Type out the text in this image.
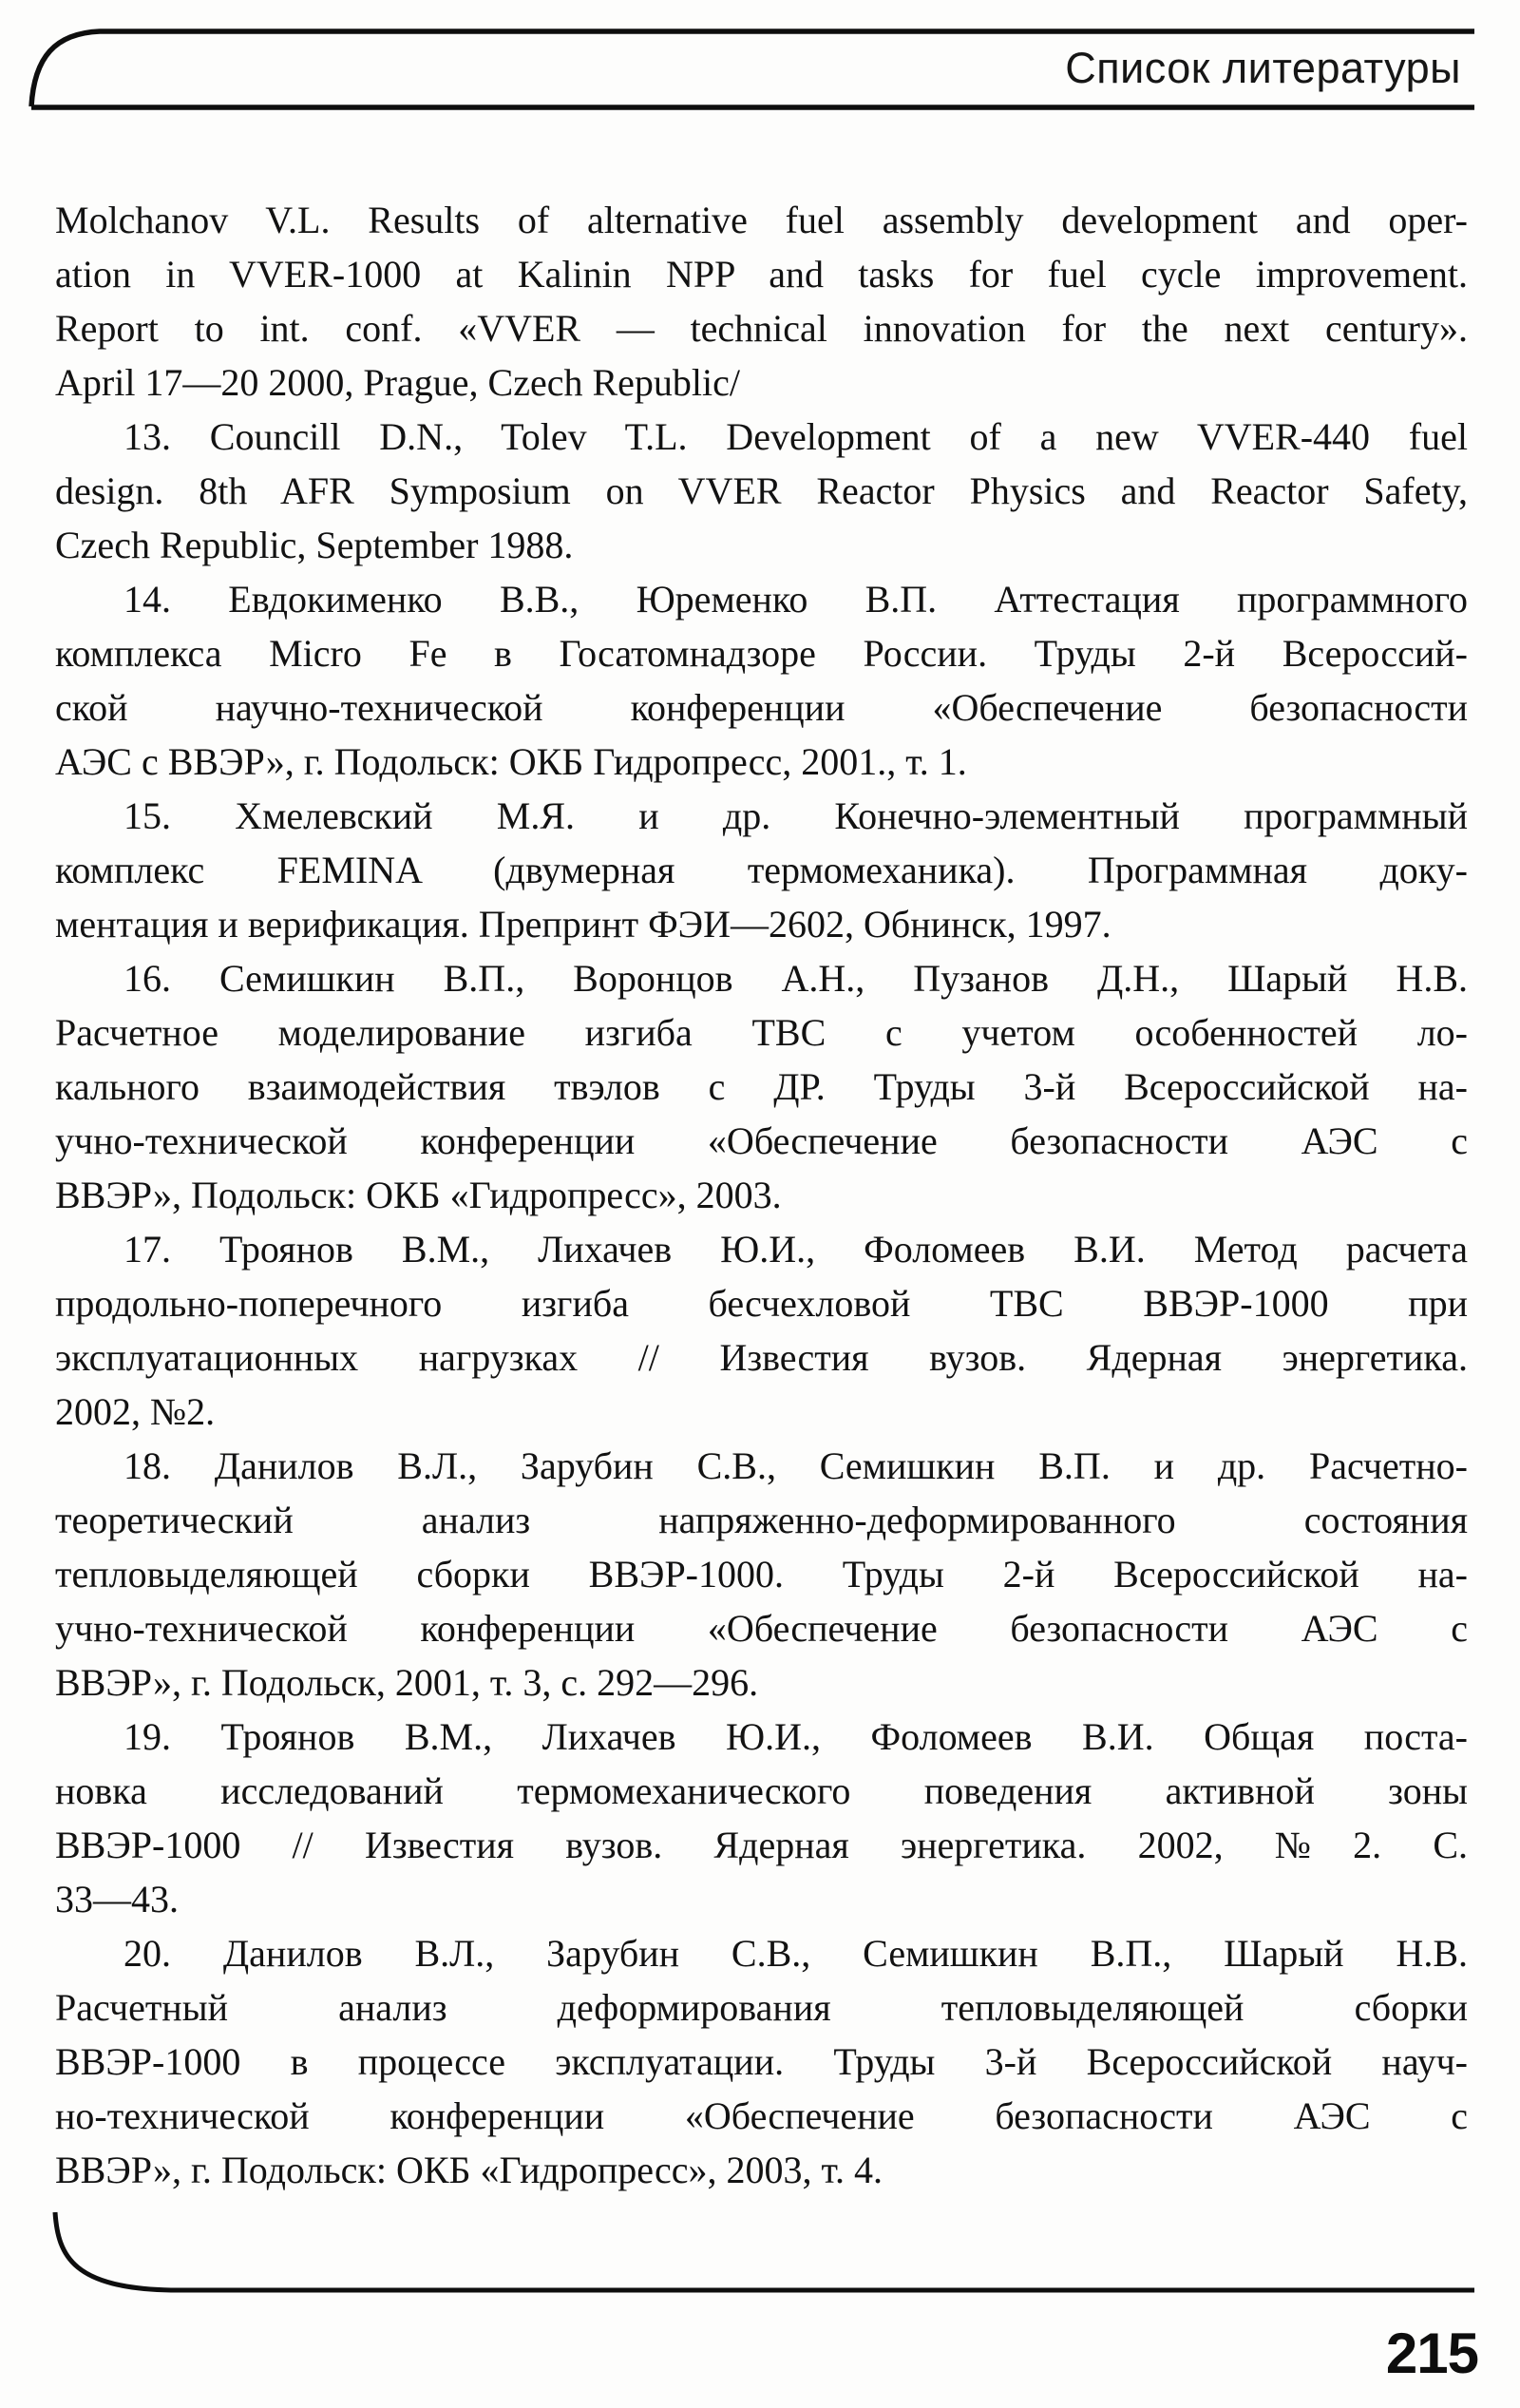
Список литературы
Molchanov V.L. Results of alternative fuel assembly development and oper-
ation in VVER-1000 at Kalinin NPP and tasks for fuel cycle improvement.
Report to int. conf. «VVER — technical innovation for the next century».
April 17—20 2000, Prague, Czech Republic/
13. Councill D.N., Tolev T.L. Development of a new VVER-440 fuel
design. 8th AFR Symposium on VVER Reactor Physics and Reactor Safety,
Czech Republic, September 1988.
14. Евдокименко В.В., Юременко В.П. Аттестация программного
комплекса Micro Fe в Госатомнадзоре России. Труды 2-й Всероссий-
ской научно-технической конференции «Обеспечение безопасности
АЭС с ВВЭР», г. Подольск: ОКБ Гидропресс, 2001., т. 1.
15. Хмелевский М.Я. и др. Конечно-элементный программный
комплекс FEMINA (двумерная термомеханика). Программная доку-
ментация и верификация. Препринт ФЭИ—2602, Обнинск, 1997.
16. Семишкин В.П., Воронцов А.Н., Пузанов Д.Н., Шарый Н.В.
Расчетное моделирование изгиба ТВС с учетом особенностей ло-
кального взаимодействия твэлов с ДР. Труды 3-й Всероссийской на-
учно-технической конференции «Обеспечение безопасности АЭС с
ВВЭР», Подольск: ОКБ «Гидропресс», 2003.
17. Троянов В.М., Лихачев Ю.И., Фоломеев В.И. Метод расчета
продольно-поперечного изгиба бесчехловой ТВС ВВЭР-1000 при
эксплуатационных нагрузках // Известия вузов. Ядерная энергетика.
2002, №2.
18. Данилов В.Л., Зарубин С.В., Семишкин В.П. и др. Расчетно-
теоретический анализ напряженно-деформированного состояния
тепловыделяющей сборки ВВЭР-1000. Труды 2-й Всероссийской на-
учно-технической конференции «Обеспечение безопасности АЭС с
ВВЭР», г. Подольск, 2001, т. 3, с. 292—296.
19. Троянов В.М., Лихачев Ю.И., Фоломеев В.И. Общая поста-
новка исследований термомеханического поведения активной зоны
ВВЭР-1000 // Известия вузов. Ядерная энергетика. 2002, №2. С.
33—43.
20. Данилов В.Л., Зарубин С.В., Семишкин В.П., Шарый Н.В.
Расчетный анализ деформирования тепловыделяющей сборки
ВВЭР-1000 в процессе эксплуатации. Труды 3-й Всероссийской науч-
но-технической конференции «Обеспечение безопасности АЭС с
ВВЭР», г. Подольск: ОКБ «Гидропресс», 2003, т. 4.
215
